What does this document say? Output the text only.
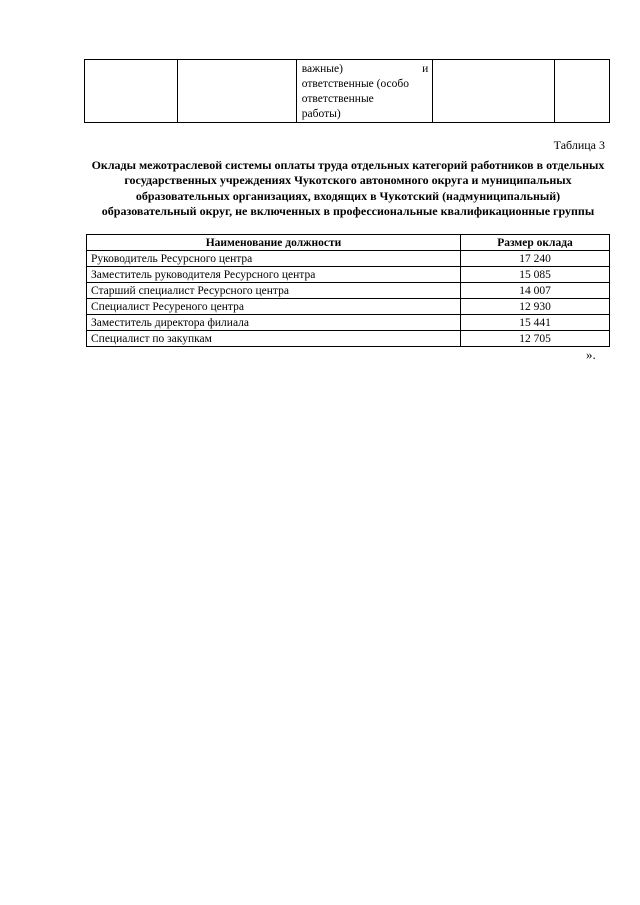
важные)	и
ответственные (особо
ответственные
работы)

Таблица 3
Оклады межотраслевой системы оплаты труда отдельных категорий работников в отдельных государственных учреждениях Чукотского автономного округа и муниципальных образовательных организациях, входящих в Чукотский (надмуниципальный) образовательный округ, не включенных в профессиональные квалификационные группы
Наименование должности	Размер оклада
Руководитель Ресурсного центра	17 240
Заместитель руководителя Ресурсного центра	15 085
Старший специалист Ресурсного центра	14 007
Специалист Ресуреного центра	12 930
Заместитель директора филиала	15 441
Специалист по закупкам	12 705
».
